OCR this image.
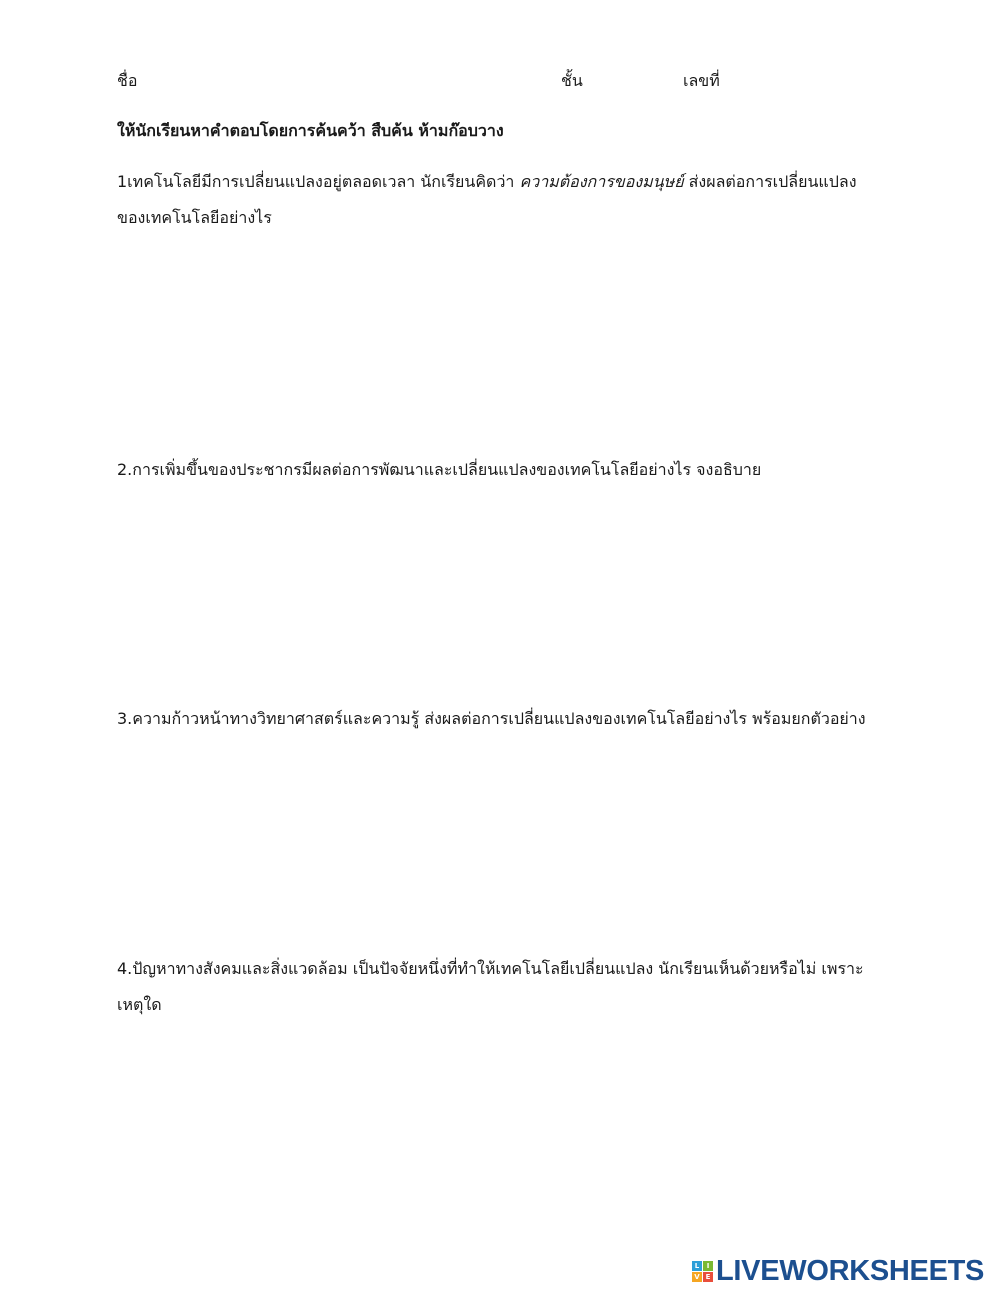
ชื่อ	ชั้น	เลขที่
ให้นักเรียนหาคำตอบโดยการค้นคว้า สืบค้น ห้ามก๊อบวาง
1เทคโนโลยีมีการเปลี่ยนแปลงอยู่ตลอดเวลา นักเรียนคิดว่า ความต้องการของมนุษย์ ส่งผลต่อการเปลี่ยนแปลงของเทคโนโลยีอย่างไร
2.การเพิ่มขึ้นของประชากรมีผลต่อการพัฒนาและเปลี่ยนแปลงของเทคโนโลยีอย่างไร จงอธิบาย
3.ความก้าวหน้าทางวิทยาศาสตร์และความรู้ ส่งผลต่อการเปลี่ยนแปลงของเทคโนโลยีอย่างไร พร้อมยกตัวอย่าง
4.ปัญหาทางสังคมและสิ่งแวดล้อม เป็นปัจจัยหนึ่งที่ทำให้เทคโนโลยีเปลี่ยนแปลง นักเรียนเห็นด้วยหรือไม่ เพราะเหตุใด
L	I
V E LIVEWORKSHEETS
